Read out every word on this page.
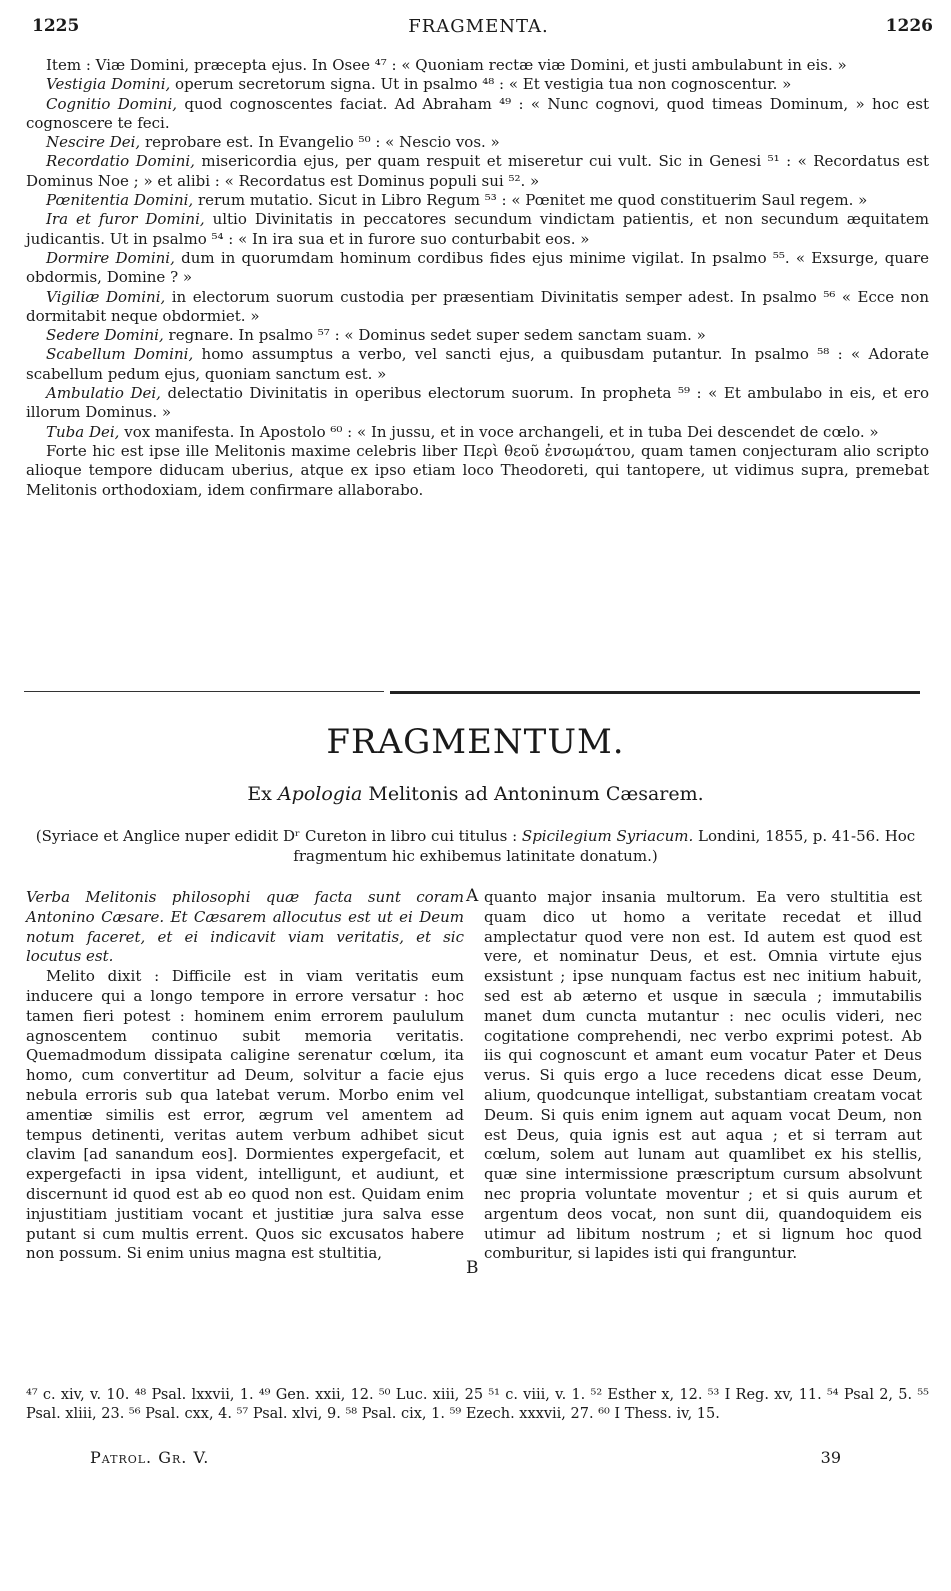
1225	FRAGMENTA.	1226

Item : Viæ Domini, præcepta ejus. In Osee ⁴⁷ : « Quoniam rectæ viæ Domini, et justi ambulabunt in eis. »

Vestigia Domini, operum secretorum signa. Ut in psalmo ⁴⁸ : « Et vestigia tua non cognoscentur. »

Cognitio Domini, quod cognoscentes faciat. Ad Abraham ⁴⁹ : « Nunc cognovi, quod timeas Dominum, » hoc est cognoscere te feci.

Nescire Dei, reprobare est. In Evangelio ⁵⁰ : « Nescio vos. »

Recordatio Domini, misericordia ejus, per quam respuit et miseretur cui vult. Sic in Genesi ⁵¹ : « Recordatus est Dominus Noe ; » et alibi : « Recordatus est Dominus populi sui ⁵². »

Pœnitentia Domini, rerum mutatio. Sicut in Libro Regum ⁵³ : « Pœnitet me quod constituerim Saul regem. »

Ira et furor Domini, ultio Divinitatis in peccatores secundum vindictam patientis, et non secundum æquitatem judicantis. Ut in psalmo ⁵⁴ : « In ira sua et in furore suo conturbabit eos. »

Dormire Domini, dum in quorumdam hominum cordibus fides ejus minime vigilat. In psalmo ⁵⁵. « Exsurge, quare obdormis, Domine ? »

Vigiliæ Domini, in electorum suorum custodia per præsentiam Divinitatis semper adest. In psalmo ⁵⁶ « Ecce non dormitabit neque obdormiet. »

Sedere Domini, regnare. In psalmo ⁵⁷ : « Dominus sedet super sedem sanctam suam. »

Scabellum Domini, homo assumptus a verbo, vel sancti ejus, a quibusdam putantur. In psalmo ⁵⁸ : « Adorate scabellum pedum ejus, quoniam sanctum est. »

Ambulatio Dei, delectatio Divinitatis in operibus electorum suorum. In propheta ⁵⁹ : « Et ambulabo in eis, et ero illorum Dominus. »

Tuba Dei, vox manifesta. In Apostolo ⁶⁰ : « In jussu, et in voce archangeli, et in tuba Dei descendet de cœlo. »

Forte hic est ipse ille Melitonis maxime celebris liber Περὶ θεοῦ ἐνσωμάτου, quam tamen conjecturam alio scripto alioque tempore diducam uberius, atque ex ipso etiam loco Theodoreti, qui tantopere, ut vidimus supra, premebat Melitonis orthodoxiam, idem confirmare allaborabo.

FRAGMENTUM.
Ex Apologia Melitonis ad Antoninum Cæsarem.
(Syriace et Anglice nuper edidit Dʳ Cureton in libro cui titulus : Spicilegium Syriacum. Londini, 1855, p. 41-56. Hoc fragmentum hic exhibemus latinitate donatum.)

Verba Melitonis philosophi quæ facta sunt coram Antonino Cæsare. Et Cæsarem allocutus est ut ei Deum notum faceret, et ei indicavit viam veritatis, et sic locutus est.

Melito dixit : Difficile est in viam veritatis eum inducere qui a longo tempore in errore versatur : hoc tamen fieri potest : hominem enim errorem paululum agnoscentem continuo subit memoria veritatis. Quemadmodum dissipata caligine serenatur cœlum, ita homo, cum convertitur ad Deum, solvitur a facie ejus nebula erroris sub qua latebat verum. Morbo enim vel amentiæ similis est error, ægrum vel amentem ad tempus detinenti, veritas autem verbum adhibet sicut clavim [ad sanandum eos]. Dormientes expergefacit, et expergefacti in ipsa vident, intelligunt, et audiunt, et discernunt id quod est ab eo quod non est. Quidam enim injustitiam justitiam vocant et justitiæ jura salva esse putant si cum multis errent. Quos sic excusatos habere non possum. Si enim unius magna est stultitia,

A
B

quanto major insania multorum. Ea vero stultitia est quam dico ut homo a veritate recedat et illud amplectatur quod vere non est. Id autem est quod est vere, et nominatur Deus, et est. Omnia virtute ejus exsistunt ; ipse nunquam factus est nec initium habuit, sed est ab æterno et usque in sæcula ; immutabilis manet dum cuncta mutantur : nec oculis videri, nec cogitatione comprehendi, nec verbo exprimi potest. Ab iis qui cognoscunt et amant eum vocatur Pater et Deus verus. Si quis ergo a luce recedens dicat esse Deum, alium, quodcunque intelligat, substantiam creatam vocat Deum. Si quis enim ignem aut aquam vocat Deum, non est Deus, quia ignis est aut aqua ; et si terram aut cœlum, solem aut lunam aut quamlibet ex his stellis, quæ sine intermissione præscriptum cursum absolvunt nec propria voluntate moventur ; et si quis aurum et argentum deos vocat, non sunt dii, quandoquidem eis utimur ad libitum nostrum ; et si lignum hoc quod comburitur, si lapides isti qui franguntur.

⁴⁷ c. xiv, v. 10. ⁴⁸ Psal. lxxvii, 1. ⁴⁹ Gen. xxii, 12. ⁵⁰ Luc. xiii, 25 ⁵¹ c. viii, v. 1. ⁵² Esther x, 12. ⁵³ I Reg. xv, 11. ⁵⁴ Psal 2, 5. ⁵⁵ Psal. xliii, 23. ⁵⁶ Psal. cxx, 4. ⁵⁷ Psal. xlvi, 9. ⁵⁸ Psal. cix, 1. ⁵⁹ Ezech. xxxvii, 27. ⁶⁰ I Thess. iv, 15.
Patrol. Gr. V.	39
